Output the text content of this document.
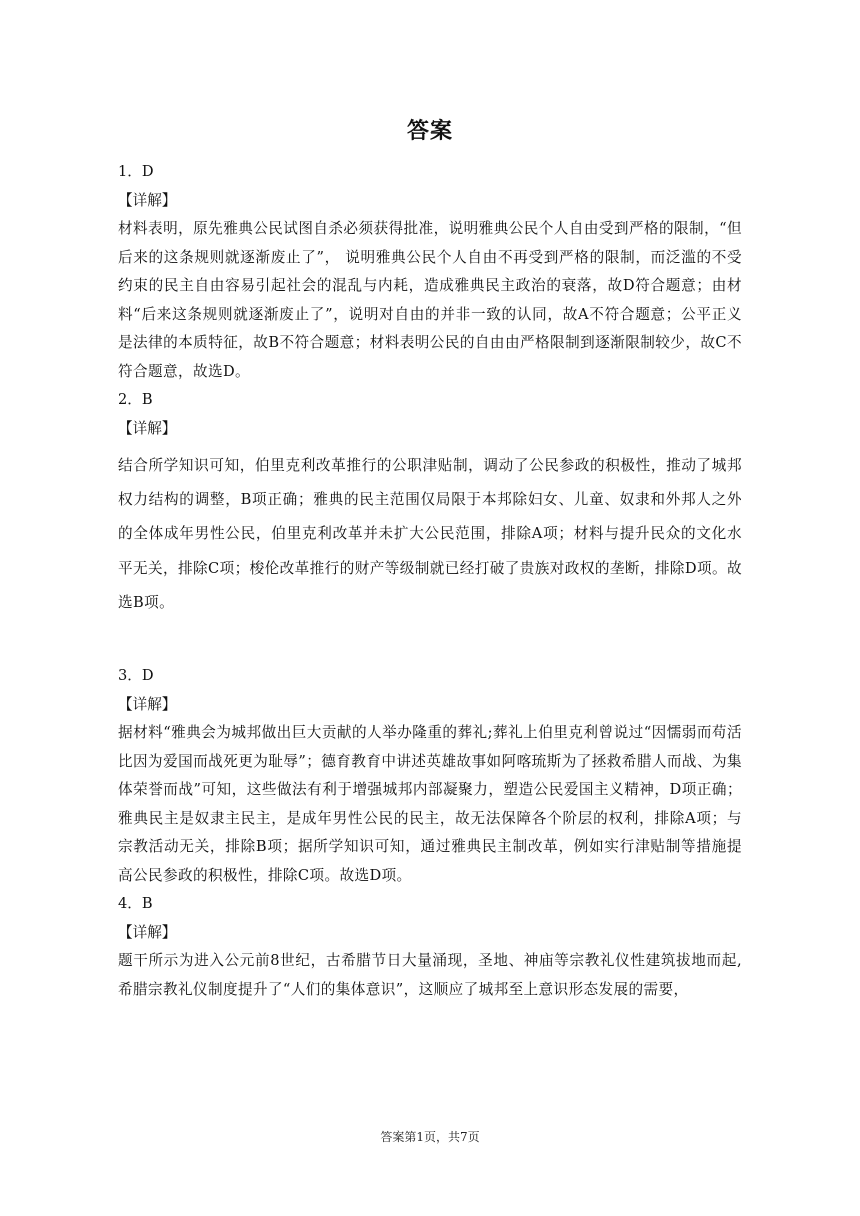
答案

1．D

【详解】

材料表明，原先雅典公民试图自杀必须获得批准，说明雅典公民个人自由受到严格的限制，“但后来的这条规则就逐渐废止了”， 说明雅典公民个人自由不再受到严格的限制，而泛滥的不受约束的民主自由容易引起社会的混乱与内耗，造成雅典民主政治的衰落，故D符合题意；由材料“后来这条规则就逐渐废止了”，说明对自由的并非一致的认同，故A不符合题意；公平正义是法律的本质特征，故B不符合题意；材料表明公民的自由由严格限制到逐渐限制较少，故C不符合题意，故选D。

2．B

【详解】

结合所学知识可知，伯里克利改革推行的公职津贴制，调动了公民参政的积极性，推动了城邦权力结构的调整，B项正确；雅典的民主范围仅局限于本邦除妇女、儿童、奴隶和外邦人之外的全体成年男性公民，伯里克利改革并未扩大公民范围，排除A项；材料与提升民众的文化水平无关，排除C项；梭伦改革推行的财产等级制就已经打破了贵族对政权的垄断，排除D项。故选B项。

3．D

【详解】

据材料“雅典会为城邦做出巨大贡献的人举办隆重的葬礼;葬礼上伯里克利曾说过“因懦弱而苟活比因为爱国而战死更为耻辱”；德育教育中讲述英雄故事如阿喀琉斯为了拯救希腊人而战、为集体荣誉而战”可知，这些做法有利于增强城邦内部凝聚力，塑造公民爱国主义精神，D项正确；雅典民主是奴隶主民主，是成年男性公民的民主，故无法保障各个阶层的权利，排除A项；与宗教活动无关，排除B项；据所学知识可知，通过雅典民主制改革，例如实行津贴制等措施提高公民参政的积极性，排除C项。故选D项。

4．B

【详解】

题干所示为进入公元前8世纪，古希腊节日大量涌现，圣地、神庙等宗教礼仪性建筑拔地而起,希腊宗教礼仪制度提升了“人们的集体意识”，这顺应了城邦至上意识形态发展的需要，

答案第1页，共7页
